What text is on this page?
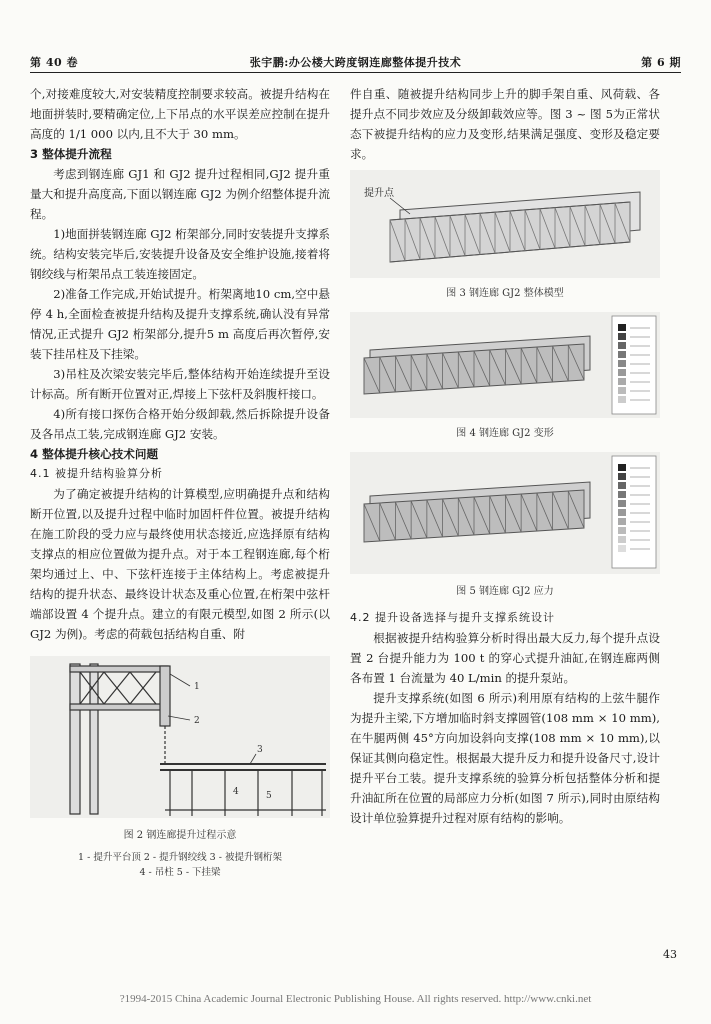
第 40 卷	张宇鹏:办公楼大跨度钢连廊整体提升技术	第 6 期

个,对接难度较大,对安装精度控制要求较高。被提升结构在地面拼装时,要精确定位,上下吊点的水平误差应控制在提升高度的 1/1 000 以内,且不大于 30 mm。

3 整体提升流程

考虑到钢连廊 GJ1 和 GJ2 提升过程相同,GJ2 提升重量大和提升高度高,下面以钢连廊 GJ2 为例介绍整体提升流程。

1)地面拼装钢连廊 GJ2 桁架部分,同时安装提升支撑系统。结构安装完毕后,安装提升设备及安全维护设施,接着将钢绞线与桁架吊点工装连接固定。

2)准备工作完成,开始试提升。桁架离地10 cm,空中悬停 4 h,全面检查被提升结构及提升支撑系统,确认没有异常情况,正式提升 GJ2 桁架部分,提升5 m 高度后再次暂停,安装下挂吊柱及下挂梁。

3)吊柱及次梁安装完毕后,整体结构开始连续提升至设计标高。所有断开位置对正,焊接上下弦杆及斜腹杆接口。

4)所有接口探伤合格开始分级卸载,然后拆除提升设备及各吊点工装,完成钢连廊 GJ2 安装。

4 整体提升核心技术问题

4.1 被提升结构验算分析

为了确定被提升结构的计算模型,应明确提升点和结构断开位置,以及提升过程中临时加固杆件位置。被提升结构在施工阶段的受力应与最终使用状态接近,应选择原有结构支撑点的相应位置做为提升点。对于本工程钢连廊,每个桁架均通过上、中、下弦杆连接于主体结构上。考虑被提升结构的提升状态、最终设计状态及重心位置,在桁架中弦杆端部设置 4 个提升点。建立的有限元模型,如图 2 所示(以 GJ2 为例)。考虑的荷载包括结构自重、附

1
2
3
4	5
图 2 钢连廊提升过程示意
1 - 提升平台顶 2 - 提升钢绞线 3 - 被提升钢桁架
4 - 吊柱 5 - 下挂梁

件自重、随被提升结构同步上升的脚手架自重、风荷载、各提升点不同步效应及分级卸载效应等。图 3 ~ 图 5为正常状态下被提升结构的应力及变形,结果满足强度、变形及稳定要求。

提升点
图 3 钢连廊 GJ2 整体模型
图 4 钢连廊 GJ2 变形
图 5 钢连廊 GJ2 应力

4.2 提升设备选择与提升支撑系统设计

根据被提升结构验算分析时得出最大反力,每个提升点设置 2 台提升能力为 100 t 的穿心式提升油缸,在钢连廊两侧各布置 1 台流量为 40 L/min 的提升泵站。

提升支撑系统(如图 6 所示)利用原有结构的上弦牛腿作为提升主梁,下方增加临时斜支撑圆管(108 mm × 10 mm),在牛腿两侧 45°方向加设斜向支撑(108 mm × 10 mm),以保证其侧向稳定性。根据最大提升反力和提升设备尺寸,设计提升平台工装。提升支撑系统的验算分析包括整体分析和提升油缸所在位置的局部应力分析(如图 7 所示),同时由原结构设计单位验算提升过程对原有结构的影响。

43
?1994-2015 China Academic Journal Electronic Publishing House. All rights reserved. http://www.cnki.net
